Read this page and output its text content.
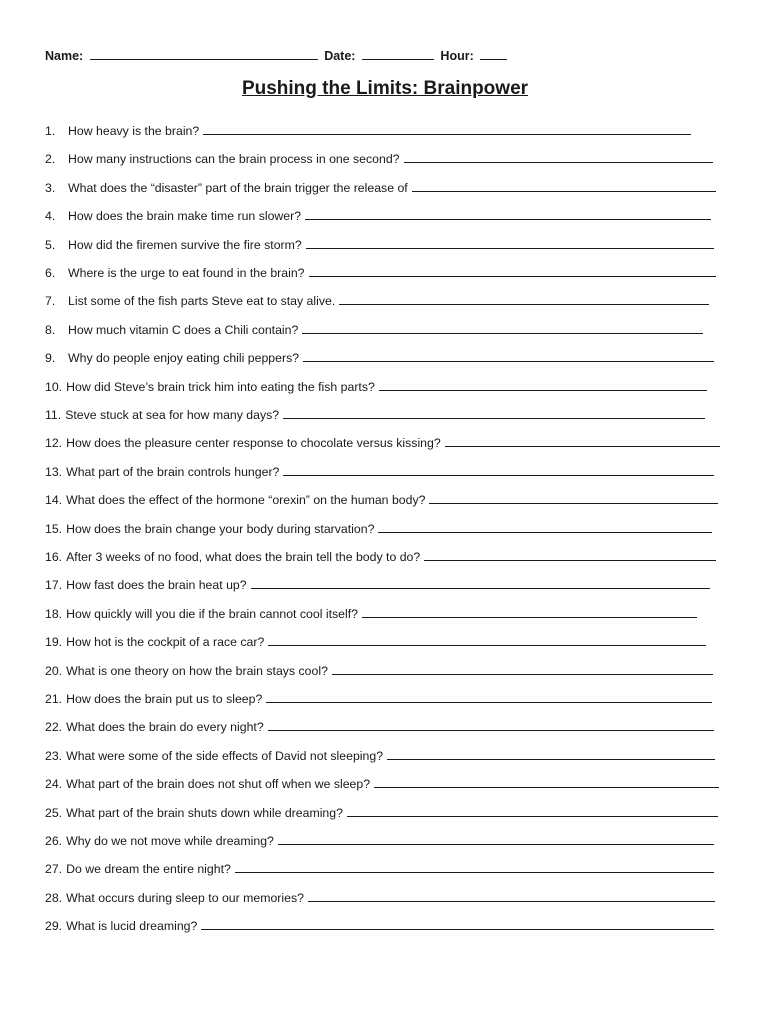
Name:	Date:	Hour:
Pushing the Limits: Brainpower
1.	How heavy is the brain?
2.	How many instructions can the brain process in one second?
3.	What does the “disaster” part of the brain trigger the release of
4.	How does the brain make time run slower?
5.	How did the firemen survive the fire storm?
6.	Where is the urge to eat found in the brain?
7.	List some of the fish parts Steve eat to stay alive.
8.	How much vitamin C does a Chili contain?
9.	Why do people enjoy eating chili peppers?
10. How did Steve’s brain trick him into eating the fish parts?
11. Steve stuck at sea for how many days?
12. How does the pleasure center response to chocolate versus kissing?
13. What part of the brain controls hunger?
14. What does the effect of the hormone “orexin” on the human body?
15. How does the brain change your body during starvation?
16. After 3 weeks of no food, what does the brain tell the body to do?
17. How fast does the brain heat up?
18. How quickly will you die if the brain cannot cool itself?
19. How hot is the cockpit of a race car?
20. What is one theory on how the brain stays cool?
21. How does the brain put us to sleep?
22. What does the brain do every night?
23. What were some of the side effects of David not sleeping?
24. What part of the brain does not shut off when we sleep?
25. What part of the brain shuts down while dreaming?
26. Why do we not move while dreaming?
27. Do we dream the entire night?
28. What occurs during sleep to our memories?
29. What is lucid dreaming?
